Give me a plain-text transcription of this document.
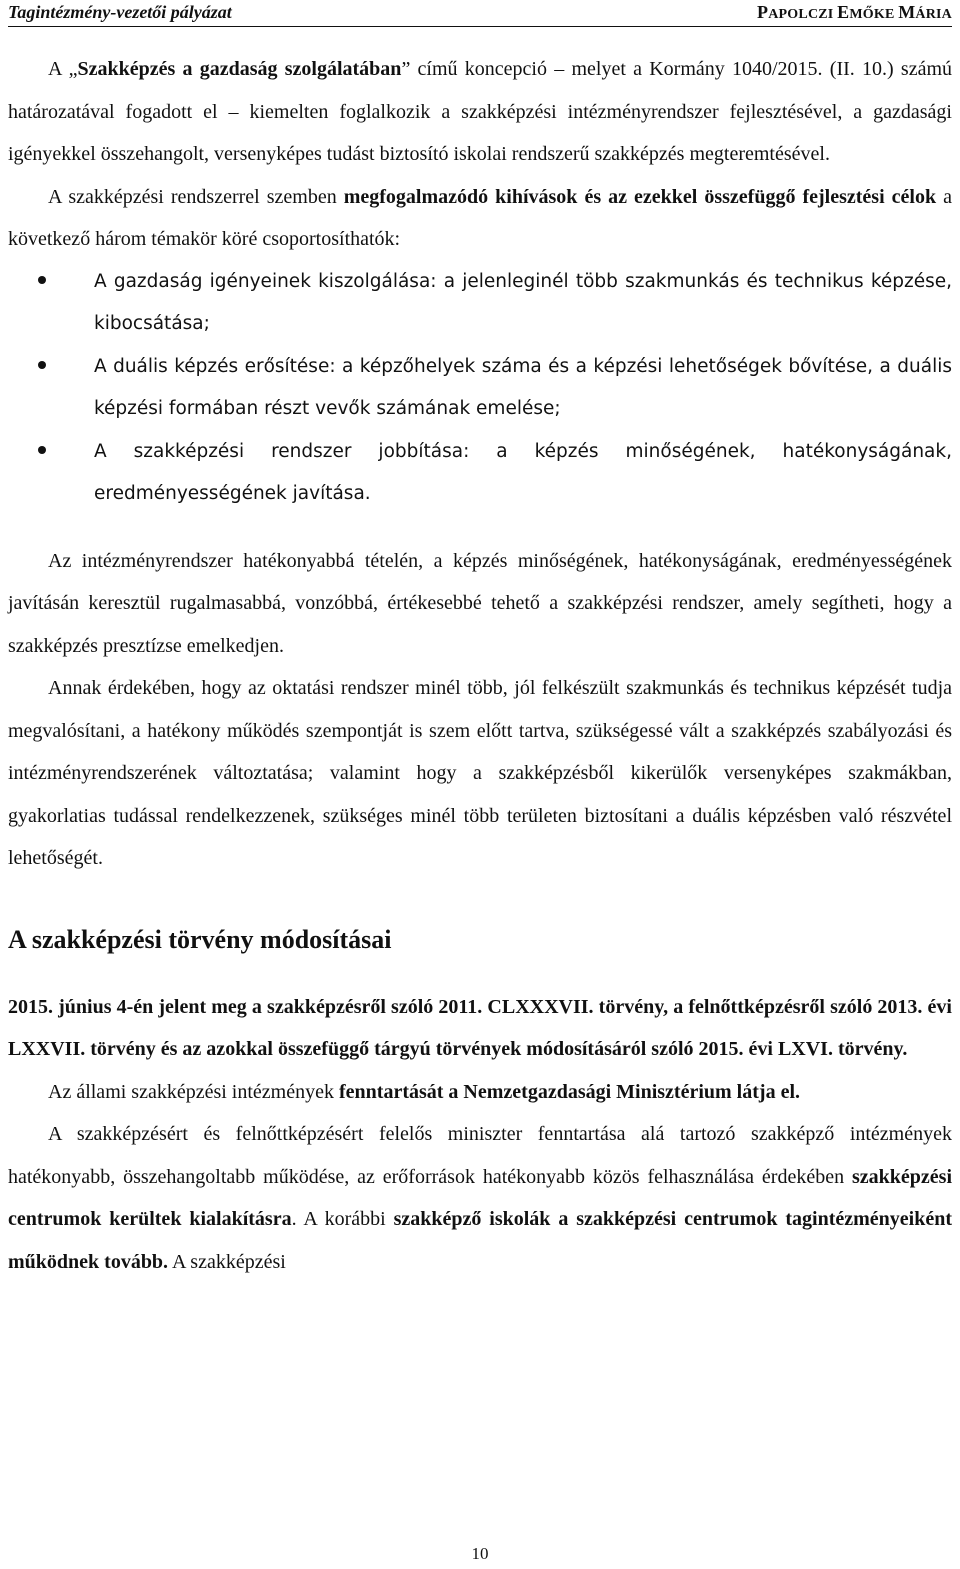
Tagintézmény-vezetői pályázat	PAPOLCZI EMŐKE MÁRIA

A „Szakképzés a gazdaság szolgálatában” című koncepció – melyet a Kormány 1040/2015. (II. 10.) számú határozatával fogadott el – kiemelten foglalkozik a szakképzési intézményrendszer fejlesztésével, a gazdasági igényekkel összehangolt, versenyképes tudást biztosító iskolai rendszerű szakképzés megteremtésével.

A szakképzési rendszerrel szemben megfogalmazódó kihívások és az ezekkel összefüggő fejlesztési célok a következő három témakör köré csoportosíthatók:

A gazdaság igényeinek kiszolgálása: a jelenleginél több szakmunkás és technikus képzése, kibocsátása;
A duális képzés erősítése: a képzőhelyek száma és a képzési lehetőségek bővítése, a duális képzési formában részt vevők számának emelése;
A szakképzési rendszer jobbítása: a képzés minőségének, hatékonyságának, eredményességének javítása.

Az intézményrendszer hatékonyabbá tételén, a képzés minőségének, hatékonyságának, eredményességének javításán keresztül rugalmasabbá, vonzóbbá, értékesebbé tehető a szakképzési rendszer, amely segítheti, hogy a szakképzés presztízse emelkedjen.

Annak érdekében, hogy az oktatási rendszer minél több, jól felkészült szakmunkás és technikus képzését tudja megvalósítani, a hatékony működés szempontját is szem előtt tartva, szükségessé vált a szakképzés szabályozási és intézményrendszerének változtatása; valamint hogy a szakképzésből kikerülők versenyképes szakmákban, gyakorlatias tudással rendelkezzenek, szükséges minél több területen biztosítani a duális képzésben való részvétel lehetőségét.

A szakképzési törvény módosításai

2015. június 4-én jelent meg a szakképzésről szóló 2011. CLXXXVII. törvény, a felnőttképzésről szóló 2013. évi LXXVII. törvény és az azokkal összefüggő tárgyú törvények módosításáról szóló 2015. évi LXVI. törvény.

Az állami szakképzési intézmények fenntartását a Nemzetgazdasági Minisztérium látja el.

A szakképzésért és felnőttképzésért felelős miniszter fenntartása alá tartozó szakképző intézmények hatékonyabb, összehangoltabb működése, az erőforrások hatékonyabb közös felhasználása érdekében szakképzési centrumok kerültek kialakításra. A korábbi szakképző iskolák a szakképzési centrumok tagintézményeiként működnek tovább. A szakképzési

10
